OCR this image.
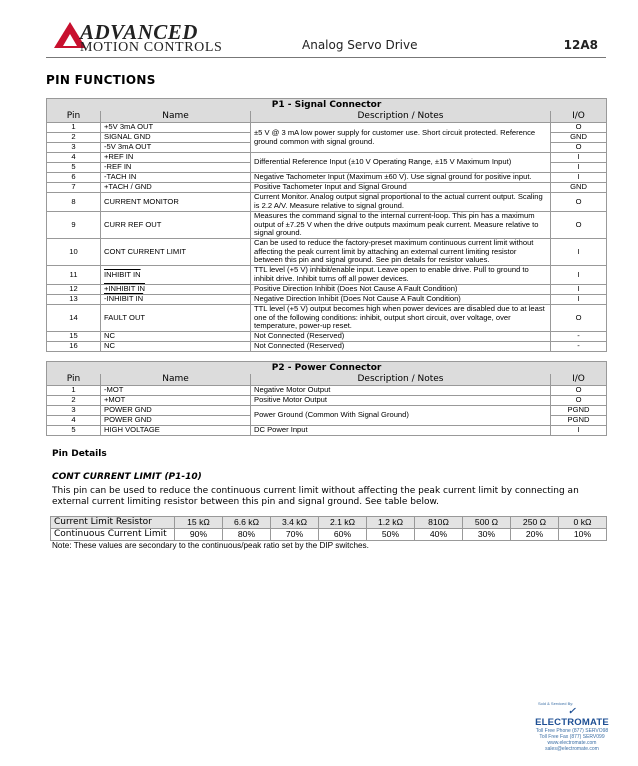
ADVANCED
MOTION CONTROLS	Analog Servo Drive	12A8
PIN FUNCTIONS
P1 - Signal Connector			
Pin	Name	Description / Notes	I/O
1	+5V 3mA OUT	±5 V @ 3 mA low power supply for customer use. Short circuit protected. Reference ground common with signal ground.	O
2	SIGNAL GND		GND
3	-5V 3mA OUT		O
4	+REF IN	Differential Reference Input (±10 V Operating Range, ±15 V Maximum Input)	I
5	-REF IN		I
6	-TACH IN	Negative Tachometer Input (Maximum ±60 V). Use signal ground for positive input.	I
7	+TACH / GND	Positive Tachometer Input and Signal Ground	GND
8	CURRENT MONITOR	Current Monitor. Analog output signal proportional to the actual current output. Scaling is 2.2 A/V. Measure relative to signal ground.	O
9	CURR REF OUT	Measures the command signal to the internal current-loop. This pin has a maximum output of ±7.25 V when the drive outputs maximum peak current. Measure relative to signal ground.	O
10	CONT CURRENT LIMIT	Can be used to reduce the factory-preset maximum continuous current limit without affecting the peak current limit by attaching an external current limiting resistor between this pin and signal ground. See pin details for resistor values.	I
11	INHIBIT IN	TTL level (+5 V) inhibit/enable input. Leave open to enable drive. Pull to ground to inhibit drive. Inhibit turns off all power devices.	I
12	+INHIBIT IN	Positive Direction Inhibit (Does Not Cause A Fault Condition)	I
13	-INHIBIT IN	Negative Direction Inhibit (Does Not Cause A Fault Condition)	I
14	FAULT OUT	TTL level (+5 V) output becomes high when power devices are disabled due to at least one of the following conditions: inhibit, output short circuit, over voltage, over temperature, power-up reset.	O
15	NC	Not Connected (Reserved)	-
16	NC	Not Connected (Reserved)	-
P2 - Power Connector			
Pin	Name	Description / Notes	I/O
1	-MOT	Negative Motor Output	O
2	+MOT	Positive Motor Output	O
3	POWER GND	Power Ground (Common With Signal Ground)	PGND
4	POWER GND		PGND
5	HIGH VOLTAGE	DC Power Input	I
Pin Details
CONT CURRENT LIMIT (P1-10)
This pin can be used to reduce the continuous current limit without affecting the peak current limit by connecting an external current limiting resistor between this pin and signal ground. See table below.
Current Limit Resistor	15 kΩ	6.6 kΩ	3.4 kΩ	2.1 kΩ	1.2 kΩ	810Ω	500 Ω	250 Ω	0 kΩ
Continuous Current Limit	90%	80%	70%	60%	50%	40%	30%	20%	10%
Note: These values are secondary to the continuous/peak ratio set by the DIP switches.
Sold & Serviced By:
✓ ELECTROMATE
Toll Free Phone (877) SERVO98
Toll Free Fax (877) SERV099
www.electromate.com
sales@electromate.com
